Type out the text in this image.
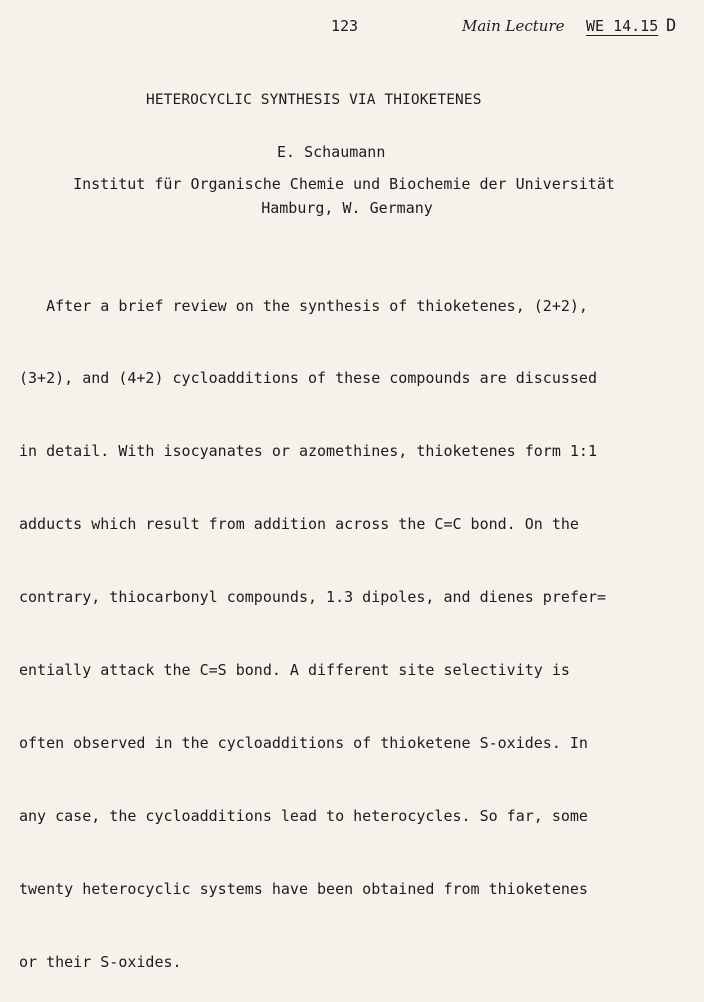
123	Main Lecture WE 14.15 D
HETEROCYCLIC SYNTHESIS VIA THIOKETENES
E. Schaumann
Institut für Organische Chemie und Biochemie der Universität
Hamburg, W. Germany

After a brief review on the synthesis of thioketenes, (2+2),

(3+2), and (4+2) cycloadditions of these compounds are discussed

in detail. With isocyanates or azomethines, thioketenes form 1:1

adducts which result from addition across the C=C bond. On the

contrary, thiocarbonyl compounds, 1.3 dipoles, and dienes prefer=

entially attack the C=S bond. A different site selectivity is

often observed in the cycloadditions of thioketene S-oxides. In

any case, the cycloadditions lead to heterocycles. So far, some

twenty heterocyclic systems have been obtained from thioketenes

or their S-oxides.
